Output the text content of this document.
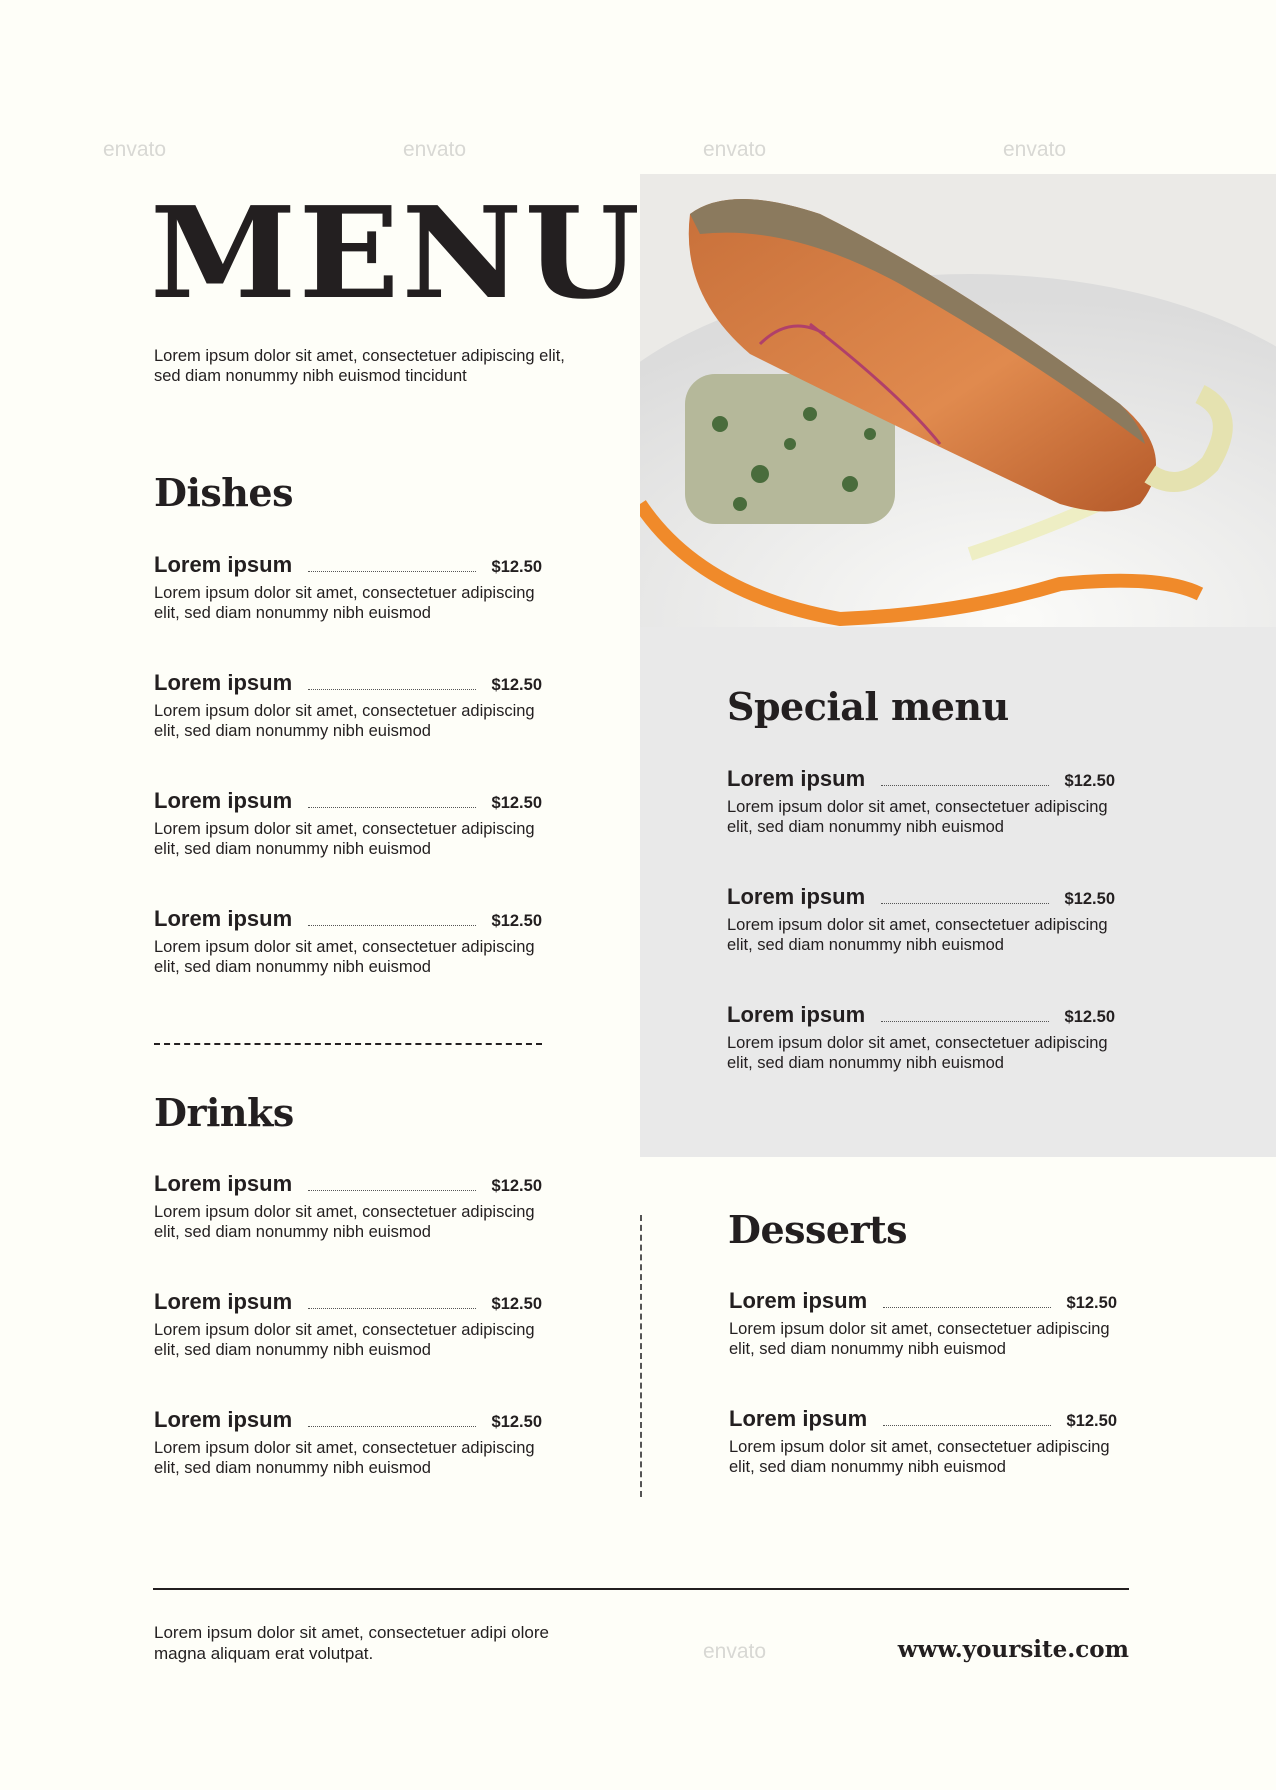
envato	envato	envato	envato
envato
MENU
Lorem ipsum dolor sit amet, consectetuer adipiscing elit, sed diam nonummy nibh euismod tincidunt
Dishes
Drinks
Special menu
Desserts
Lorem ipsum	$12.50
Lorem ipsum dolor sit amet, consectetuer adipiscing elit, sed diam nonummy nibh euismod
Lorem ipsum	$12.50
Lorem ipsum dolor sit amet, consectetuer adipiscing elit, sed diam nonummy nibh euismod
Lorem ipsum	$12.50
Lorem ipsum dolor sit amet, consectetuer adipiscing elit, sed diam nonummy nibh euismod
Lorem ipsum	$12.50
Lorem ipsum dolor sit amet, consectetuer adipiscing elit, sed diam nonummy nibh euismod
Lorem ipsum	$12.50
Lorem ipsum dolor sit amet, consectetuer adipiscing elit, sed diam nonummy nibh euismod
Lorem ipsum	$12.50
Lorem ipsum dolor sit amet, consectetuer adipiscing elit, sed diam nonummy nibh euismod
Lorem ipsum	$12.50
Lorem ipsum dolor sit amet, consectetuer adipiscing elit, sed diam nonummy nibh euismod
Lorem ipsum	$12.50
Lorem ipsum dolor sit amet, consectetuer adipiscing elit, sed diam nonummy nibh euismod
Lorem ipsum	$12.50
Lorem ipsum dolor sit amet, consectetuer adipiscing elit, sed diam nonummy nibh euismod
Lorem ipsum	$12.50
Lorem ipsum dolor sit amet, consectetuer adipiscing elit, sed diam nonummy nibh euismod
Lorem ipsum	$12.50
Lorem ipsum dolor sit amet, consectetuer adipiscing elit, sed diam nonummy nibh euismod
Lorem ipsum	$12.50
Lorem ipsum dolor sit amet, consectetuer adipiscing elit, sed diam nonummy nibh euismod
Lorem ipsum dolor sit amet, consectetuer adipi olore magna aliquam erat volutpat.	www.yoursite.com
